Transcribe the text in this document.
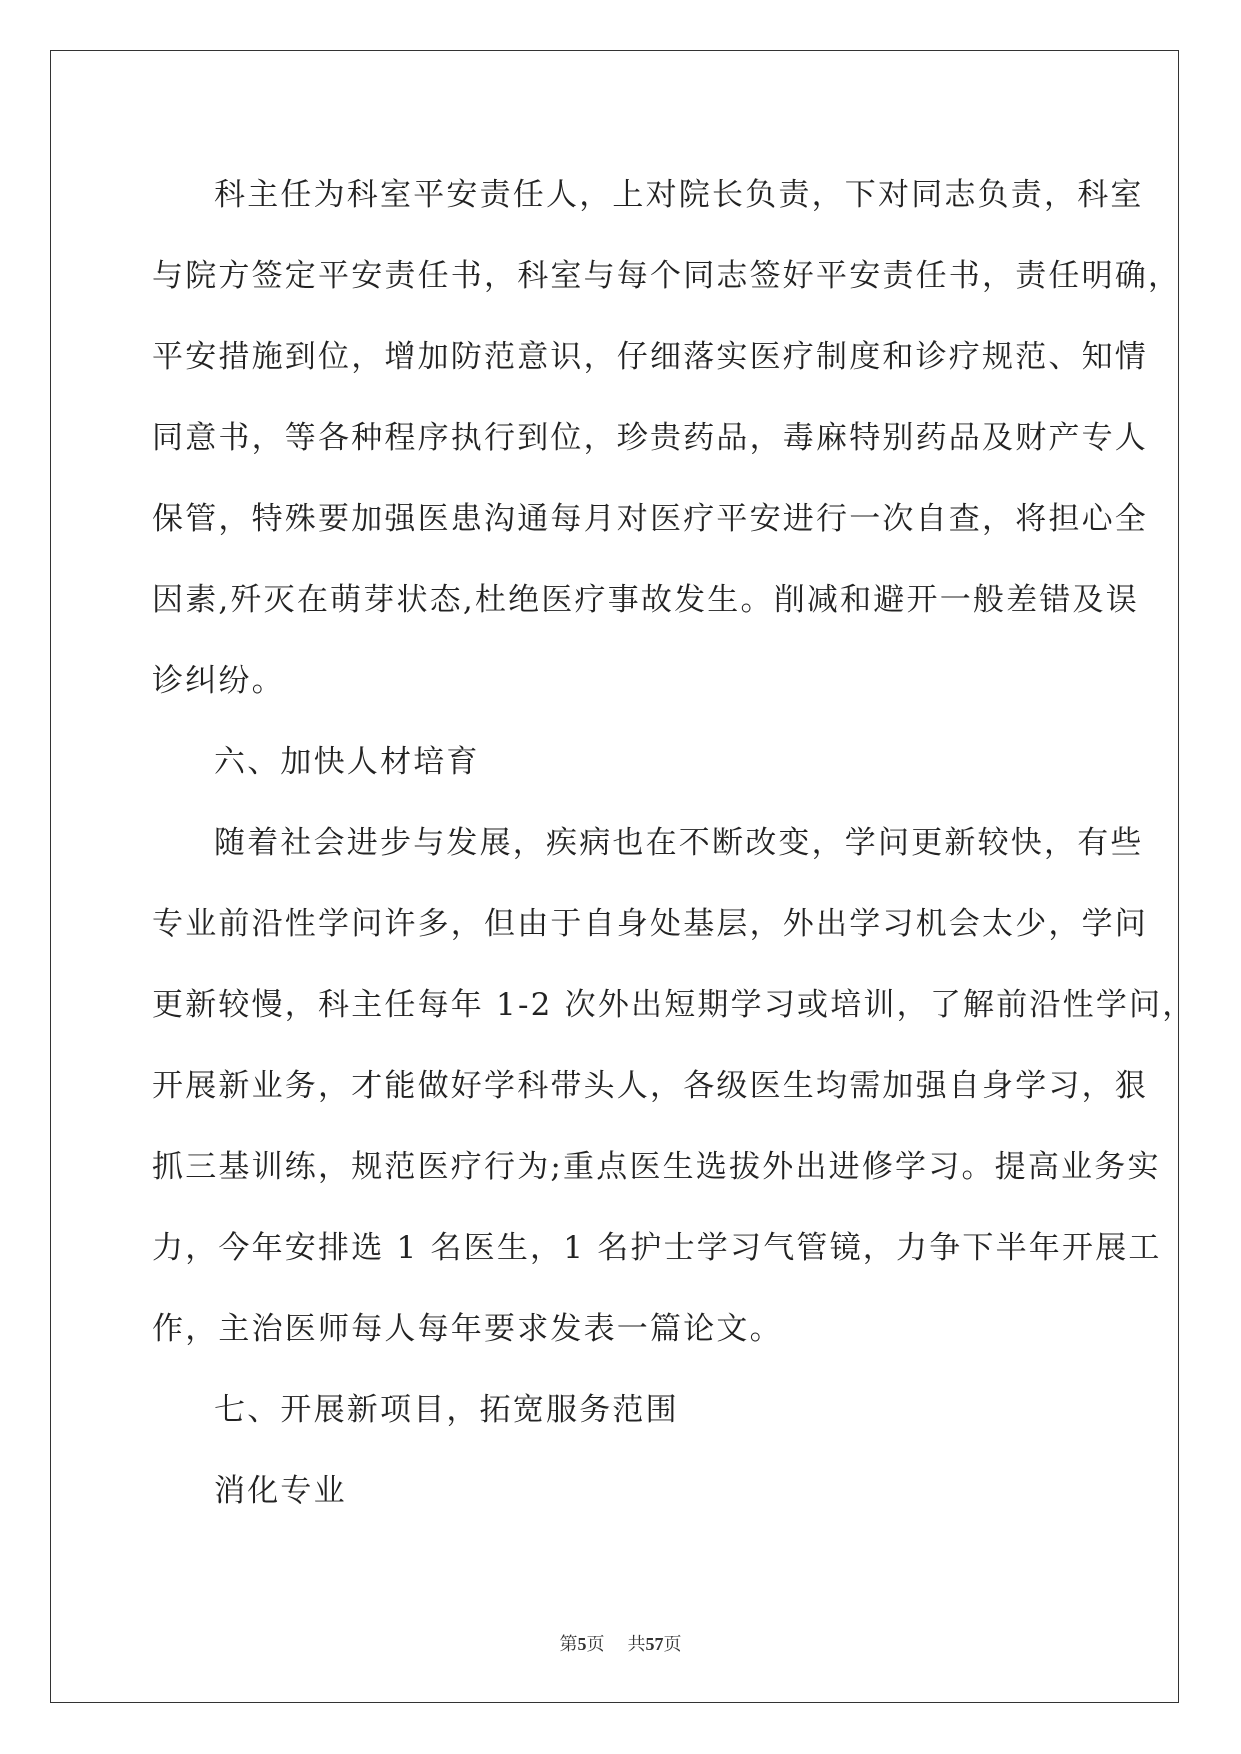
科主任为科室平安责任人，上对院长负责，下对同志负责，科室
与院方签定平安责任书，科室与每个同志签好平安责任书，责任明确，
平安措施到位，增加防范意识，仔细落实医疗制度和诊疗规范、知情
同意书，等各种程序执行到位，珍贵药品，毒麻特别药品及财产专人
保管，特殊要加强医患沟通每月对医疗平安进行一次自查，将担心全
因素,歼灭在萌芽状态,杜绝医疗事故发生。削减和避开一般差错及误
诊纠纷。
六、加快人材培育
随着社会进步与发展，疾病也在不断改变，学问更新较快，有些
专业前沿性学问许多，但由于自身处基层，外出学习机会太少，学问
更新较慢，科主任每年 1-2 次外出短期学习或培训，了解前沿性学问，
开展新业务，才能做好学科带头人，各级医生均需加强自身学习，狠
抓三基训练，规范医疗行为;重点医生选拔外出进修学习。提高业务实
力，今年安排选 1 名医生，1 名护士学习气管镜，力争下半年开展工
作，主治医师每人每年要求发表一篇论文。
七、开展新项目，拓宽服务范围
消化专业
第5页 共57页
